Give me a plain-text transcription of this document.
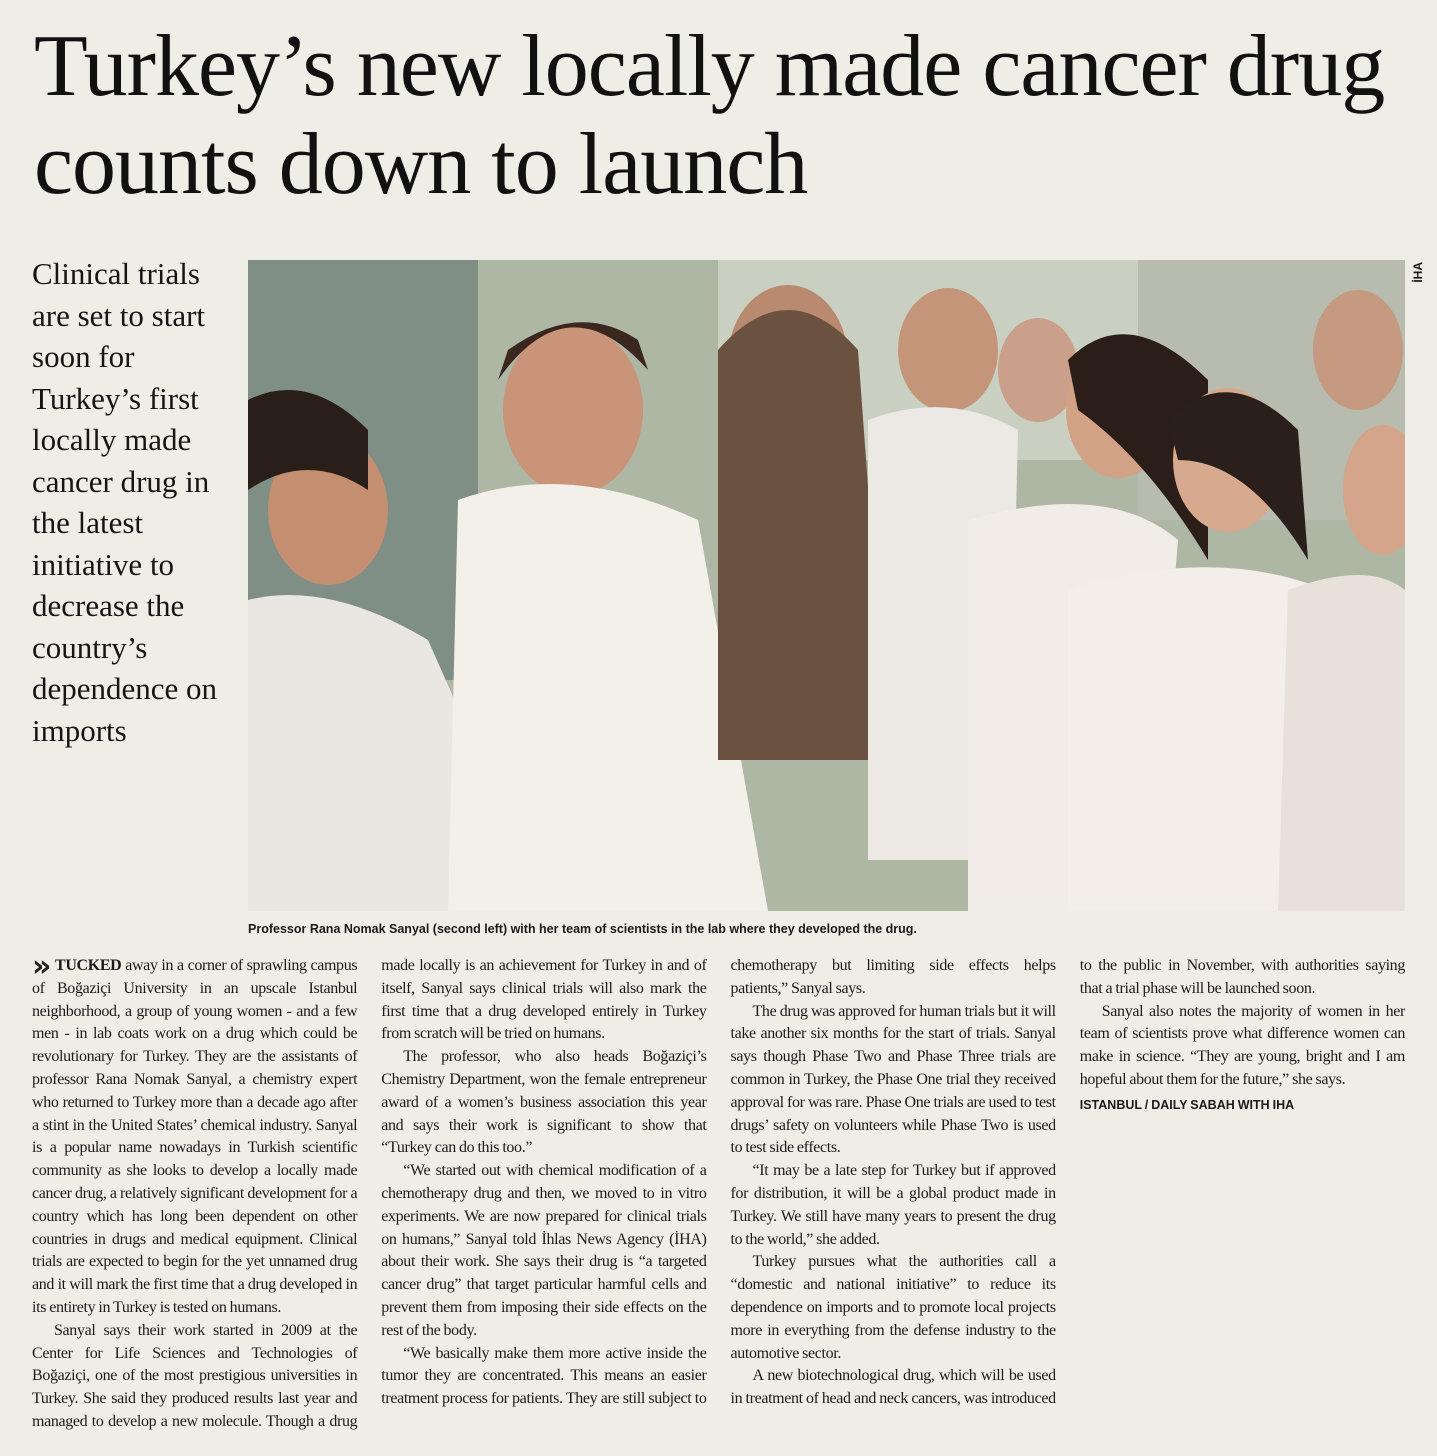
Turkey’s new locally made cancer drug counts down to launch
Clinical trials are set to start soon for Turkey’s first locally made cancer drug in the latest initiative to decrease the country’s dependence on imports
İHA
Professor Rana Nomak Sanyal (second left) with her team of scientists in the lab where they developed the drug.

» TUCKED away in a corner of sprawling campus of Boğaziçi University in an upscale Istanbul neighborhood, a group of young women - and a few men - in lab coats work on a drug which could be revolutionary for Turkey. They are the assistants of professor Rana Nomak Sanyal, a chemistry expert who returned to Turkey more than a decade ago after a stint in the United States’ chemical industry. Sanyal is a popular name nowadays in Turkish scientific community as she looks to develop a locally made cancer drug, a relatively significant development for a country which has long been dependent on other countries in drugs and medical equipment. Clinical trials are expected to begin for the yet unnamed drug and it will mark the first time that a drug developed in its entirety in Turkey is tested on humans.

Sanyal says their work started in 2009 at the Center for Life Sciences and Technologies of Boğaziçi, one of the most prestigious universities in Turkey. She said they produced results last year and managed to develop a new molecule. Though a drug made locally is an achievement for Turkey in and of itself, Sanyal says clinical trials will also mark the first time that a drug developed entirely in Turkey from scratch will be tried on humans.

The professor, who also heads Boğaziçi’s Chemistry Department, won the female entrepreneur award of a women’s business association this year and says their work is significant to show that “Turkey can do this too.”

“We started out with chemical modification of a chemotherapy drug and then, we moved to in vitro experiments. We are now prepared for clinical trials on humans,” Sanyal told İhlas News Agency (İHA) about their work. She says their drug is “a targeted cancer drug” that target particular harmful cells and prevent them from imposing their side effects on the rest of the body.

“We basically make them more active inside the tumor they are concentrated. This means an easier treatment process for patients. They are still subject to chemotherapy but limiting side effects helps patients,” Sanyal says.

The drug was approved for human trials but it will take another six months for the start of trials. Sanyal says though Phase Two and Phase Three trials are common in Turkey, the Phase One trial they received approval for was rare. Phase One trials are used to test drugs’ safety on volunteers while Phase Two is used to test side effects.

“It may be a late step for Turkey but if approved for distribution, it will be a global product made in Turkey. We still have many years to present the drug to the world,” she added.

Turkey pursues what the authorities call a “domestic and national initiative” to reduce its dependence on imports and to promote local projects more in everything from the defense industry to the automotive sector.

A new biotechnological drug, which will be used in treatment of head and neck cancers, was introduced to the public in November, with authorities saying that a trial phase will be launched soon.

Sanyal also notes the majority of women in her team of scientists prove what difference women can make in science. “They are young, bright and I am hopeful about them for the future,” she says.

ISTANBUL / DAILY SABAH WITH IHA
